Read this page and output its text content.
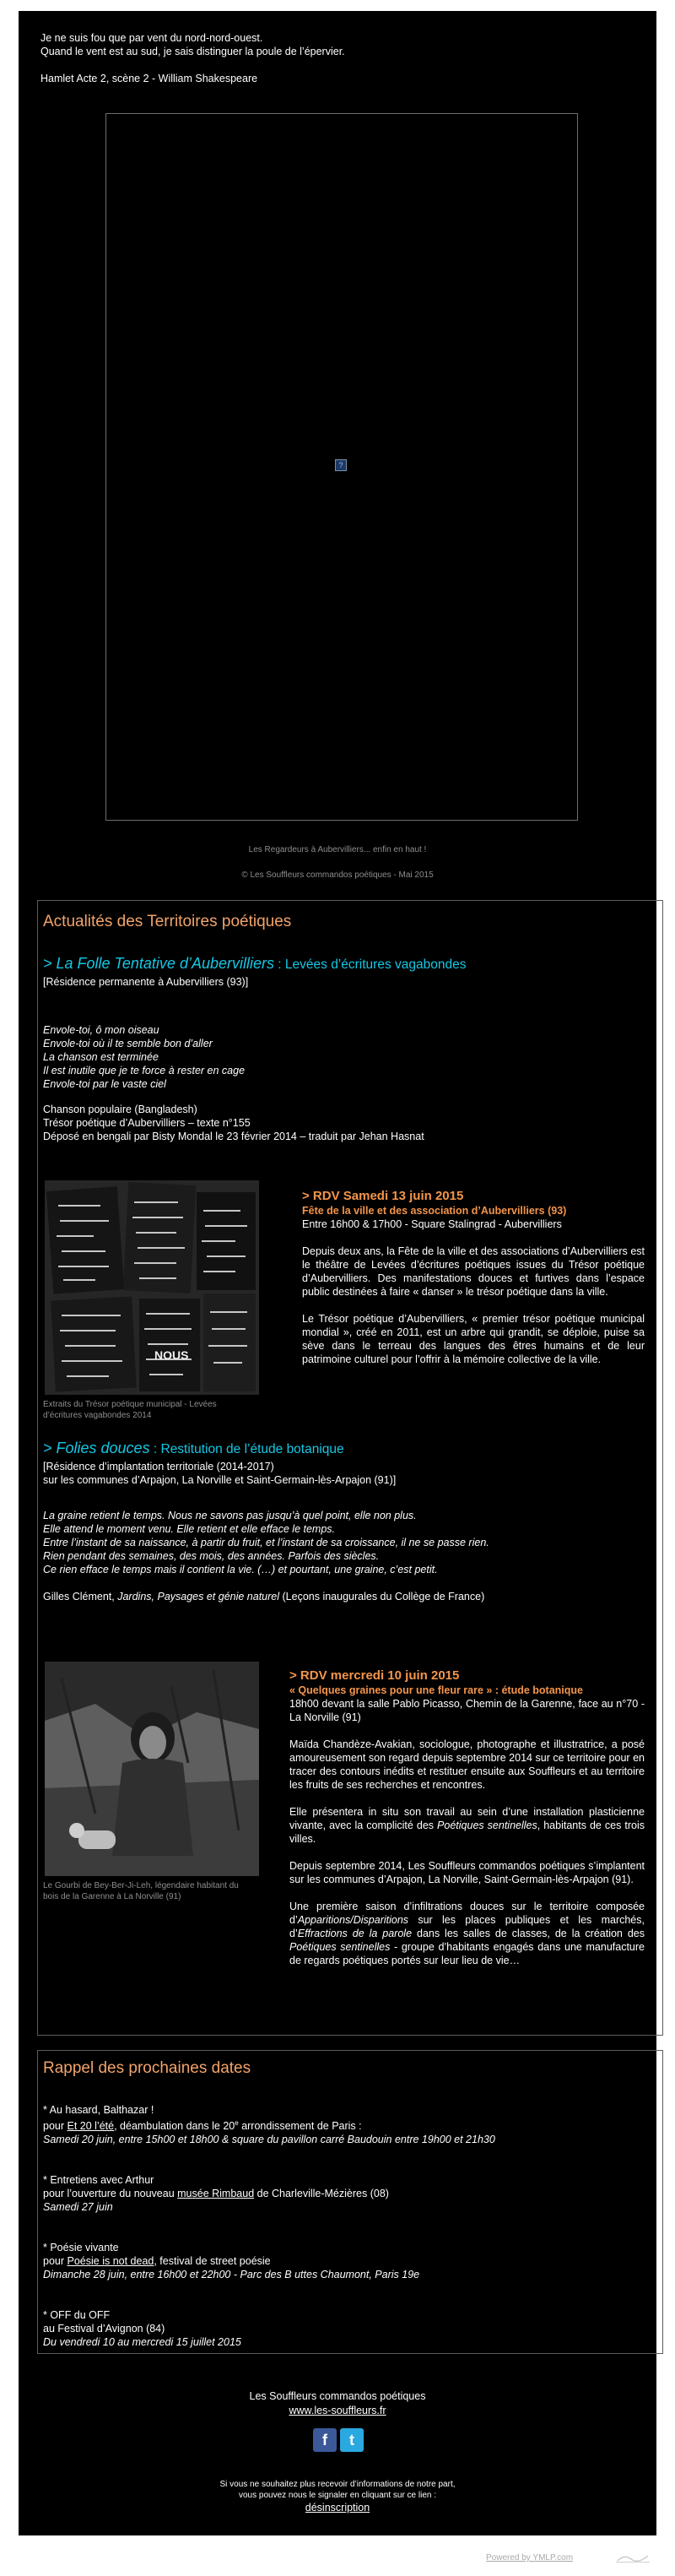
Je ne suis fou que par vent du nord-nord-ouest.

Quand le vent est au sud, je sais distinguer la poule de l’épervier.

Hamlet Acte 2, scène 2 - William Shakespeare

?
Les Regardeurs à Aubervilliers... enfin en haut !
© Les Souffleurs commandos poétiques - Mai 2015
Actualités des Territoires poétiques
> La Folle Tentative d’Aubervilliers : Levées d’écritures vagabondes
[Résidence permanente à Aubervilliers (93)]

Envole-toi, ô mon oiseau

Envole-toi où il te semble bon d’aller

La chanson est terminée

Il est inutile que je te force à rester en cage

Envole-toi par le vaste ciel

Chanson populaire (Bangladesh)

Trésor poétique d’Aubervilliers – texte n°155

Déposé en bengali par Bisty Mondal le 23 février 2014 – traduit par Jehan Hasnat

NOUS

Extraits du Trésor poétique municipal - Levées

d’écritures vagabondes 2014

> RDV Samedi 13 juin 2015

Fête de la ville et des association d’Aubervilliers (93)

Entre 16h00 & 17h00 - Square Stalingrad - Aubervilliers

Depuis deux ans, la Fête de la ville et des associations d’Aubervilliers est le théâtre de Levées d’écritures poétiques issues du Trésor poétique d’Aubervilliers. Des manifestations douces et furtives dans l’espace public destinées à faire « danser » le trésor poétique dans la ville.

Le Trésor poétique d’Aubervilliers, « premier trésor poétique municipal mondial », créé en 2011, est un arbre qui grandit, se déploie, puise sa sève dans le terreau des langues des êtres humains et de leur patrimoine culturel pour l’offrir à la mémoire collective de la ville.

> Folies douces : Restitution de l’étude botanique

[Résidence d’implantation territoriale (2014-2017)

sur les communes d’Arpajon, La Norville et Saint-Germain-lès-Arpajon (91)]

La graine retient le temps. Nous ne savons pas jusqu’à quel point, elle non plus.

Elle attend le moment venu. Elle retient et elle efface le temps.

Entre l’instant de sa naissance, à partir du fruit, et l’instant de sa croissance, il ne se passe rien.

Rien pendant des semaines, des mois, des années. Parfois des siècles.

Ce rien efface le temps mais il contient la vie. (…) et pourtant, une graine, c’est petit.

Gilles Clément, Jardins, Paysages et génie naturel (Leçons inaugurales du Collège de France)

Le Gourbi de Bey-Ber-Ji-Leh, légendaire habitant du

bois de la Garenne à La Norville (91)

> RDV mercredi 10 juin 2015

« Quelques graines pour une fleur rare » : étude botanique

18h00 devant la salle Pablo Picasso, Chemin de la Garenne, face au n°70 - La Norville (91)

Maïda Chandèze-Avakian, sociologue, photographe et illustratrice, a posé amoureusement son regard depuis septembre 2014 sur ce territoire pour en tracer des contours inédits et restituer ensuite aux Souffleurs et au territoire les fruits de ses recherches et rencontres.

Elle présentera in situ son travail au sein d’une installation plasticienne vivante, avec la complicité des Poétiques sentinelles, habitants de ces trois villes.

Depuis septembre 2014, Les Souffleurs commandos poétiques s’implantent sur les communes d’Arpajon, La Norville, Saint-Germain-lès-Arpajon (91).

Une première saison d’infiltrations douces sur le territoire composée d’Apparitions/Disparitions sur les places publiques et les marchés, d’Effractions de la parole dans les salles de classes, de la création des Poétiques sentinelles - groupe d’habitants engagés dans une manufacture de regards poétiques portés sur leur lieu de vie…

Rappel des prochaines dates

* Au hasard, Balthazar !

pour Et 20 l’été, déambulation dans le 20e arrondissement de Paris :

Samedi 20 juin, entre 15h00 et 18h00 & square du pavillon carré Baudouin entre 19h00 et 21h30

* Entretiens avec Arthur

pour l’ouverture du nouveau musée Rimbaud de Charleville-Mézières (08)

Samedi 27 juin

* Poésie vivante

pour Poésie is not dead, festival de street poésie

Dimanche 28 juin, entre 16h00 et 22h00 - Parc des B uttes Chaumont, Paris 19e

* OFF du OFF

au Festival d’Avignon (84)

Du vendredi 10 au mercredi 15 juillet 2015

Les Souffleurs commandos poétiques
www.les-souffleurs.fr
f	t
Si vous ne souhaitez plus recevoir d’informations de notre part,
vous pouvez nous le signaler en cliquant sur ce lien :
désinscription
Powered by YMLP.com
